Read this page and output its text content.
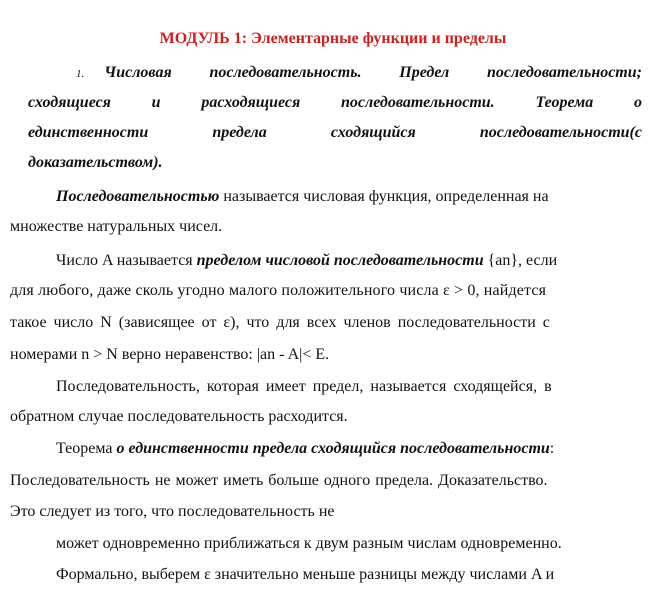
МОДУЛЬ 1: Элементарные функции и пределы
1. Числовая последовательность. Предел последовательности;
сходящиеся	и	расходящиеся	последовательности.	Теорема	о
единственности	предела	сходящийся	последовательности(с
доказательством).
Последовательностью называется числовая функция, определенная на
множестве натуральных чисел.
Число A называется пределом числовой последовательности {an}, если
для любого, даже сколь угодно малого положительного числа ε > 0, найдется
такое число N (зависящее от ε), что для всех членов последовательности с
номерами n > N верно неравенство: |an - A|< E.
Последовательность, которая имеет предел, называется сходящейся, в
обратном случае последовательность расходится.
Теорема о единственности предела сходящийся последовательности:
Последовательность не может иметь больше одного предела. Доказательство.
Это следует из того, что последовательность не
может одновременно приближаться к двум разным числам одновременно.
Формально, выберем ε значительно меньше разницы между числами A и
